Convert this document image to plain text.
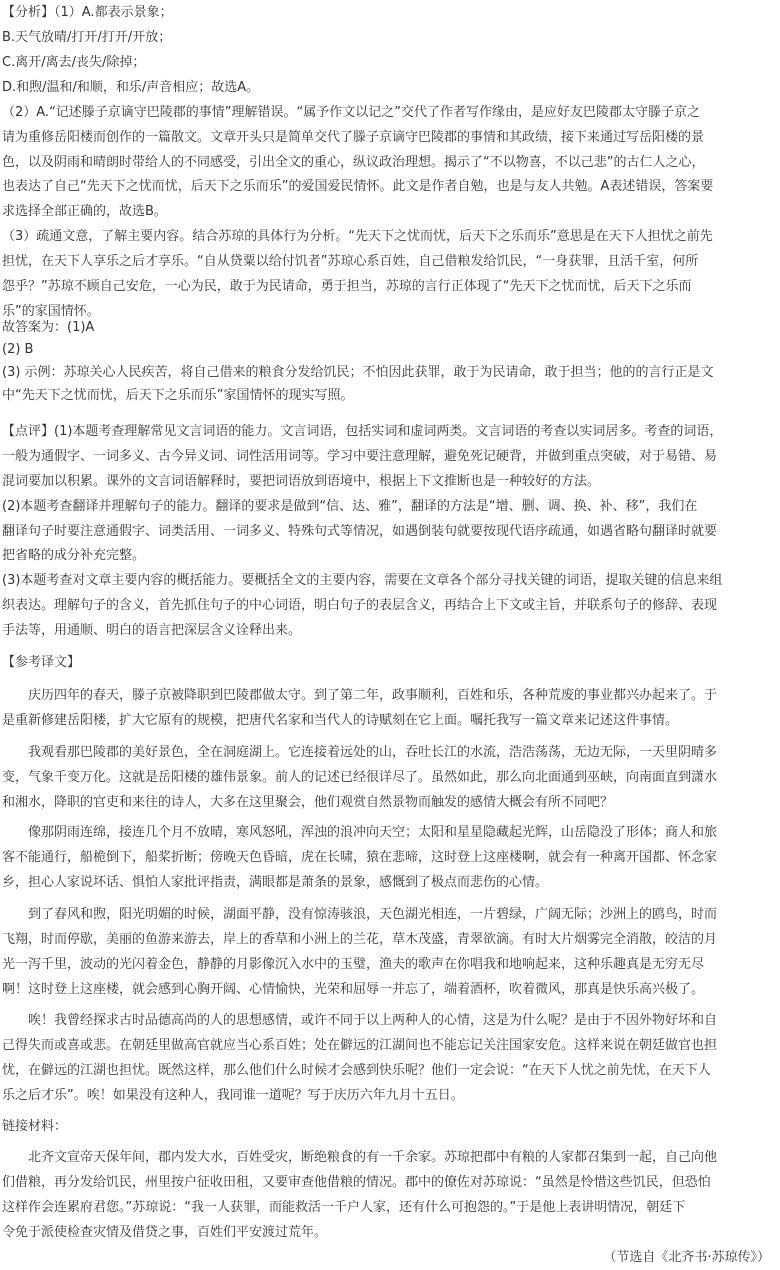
【分析】（1）A.都表示景象；
B.天气放晴/打开/打开/开放；
C.离开/离去/丧失/除掉；
D.和煦/温和/和顺，和乐/声音相应；故选A。
（2）A.“记述滕子京谪守巴陵郡的事情”理解错误。“属予作文以记之”交代了作者写作缘由，是应好友巴陵郡太守滕子京之
请为重修岳阳楼而创作的一篇散文。文章开头只是简单交代了滕子京谪守巴陵郡的事情和其政绩，接下来通过写岳阳楼的景
色，以及阴雨和晴朗时带给人的不同感受，引出全文的重心，纵议政治理想。揭示了“不以物喜，不以己悲”的古仁人之心，
也表达了自己“先天下之忧而忧，后天下之乐而乐”的爱国爱民情怀。此文是作者自勉，也是与友人共勉。A表述错误，答案要
求选择全部正确的，故选B。
（3）疏通文意，了解主要内容。结合苏琼的具体行为分析。“先天下之忧而忧，后天下之乐而乐”意思是在天下人担忧之前先
担忧，在天下人享乐之后才享乐。“自从贷粟以给付饥者”苏琼心系百姓，自己借粮发给饥民，“一身获罪，且活千室，何所
怨乎？”苏琼不顾自己安危，一心为民，敢于为民请命，勇于担当，苏琼的言行正体现了“先天下之忧而忧，后天下之乐而
乐”的家国情怀。
故答案为：(1)A
(2) B
(3) 示例：苏琼关心人民疾苦，将自己借来的粮食分发给饥民；不怕因此获罪，敢于为民请命，敢于担当；他的的言行正是文
中“先天下之忧而忧，后天下之乐而乐”家国情怀的现实写照。
【点评】(1)本题考查理解常见文言词语的能力。文言词语，包括实词和虚词两类。文言词语的考查以实词居多。考查的词语，
一般为通假字、一词多义、古今异义词、词性活用词等。学习中要注意理解，避免死记硬背，并做到重点突破，对于易错、易
混词要加以积累。课外的文言词语解释时，要把词语放到语境中，根据上下文推断也是一种较好的方法。
(2)本题考查翻译并理解句子的能力。翻译的要求是做到“信、达、雅”，翻译的方法是“增、删、调、换、补、移”，我们在
翻译句子时要注意通假字、词类活用、一词多义、特殊句式等情况，如遇倒装句就要按现代语序疏通，如遇省略句翻译时就要
把省略的成分补充完整。
(3)本题考查对文章主要内容的概括能力。要概括全文的主要内容，需要在文章各个部分寻找关键的词语，提取关键的信息来组
织表达。理解句子的含义，首先抓住句子的中心词语，明白句子的表层含义，再结合上下文或主旨，并联系句子的修辞、表现
手法等，用通顺、明白的语言把深层含义诠释出来。
【参考译文】
庆历四年的春天，滕子京被降职到巴陵郡做太守。到了第二年，政事顺利，百姓和乐，各种荒废的事业都兴办起来了。于
是重新修建岳阳楼，扩大它原有的规模，把唐代名家和当代人的诗赋刻在它上面。嘱托我写一篇文章来记述这件事情。
我观看那巴陵郡的美好景色，全在洞庭湖上。它连接着远处的山，吞吐长江的水流，浩浩荡荡，无边无际，一天里阴晴多
变，气象千变万化。这就是岳阳楼的雄伟景象。前人的记述已经很详尽了。虽然如此，那么向北面通到巫峡，向南面直到潇水
和湘水，降职的官吏和来往的诗人，大多在这里聚会，他们观赏自然景物而触发的感情大概会有所不同吧？
像那阴雨连绵，接连几个月不放晴，寒风怒吼，浑浊的浪冲向天空；太阳和星星隐藏起光辉，山岳隐没了形体；商人和旅
客不能通行，船桅倒下，船桨折断；傍晚天色昏暗，虎在长啸，猿在悲啼，这时登上这座楼啊，就会有一种离开国都、怀念家
乡，担心人家说坏话、惧怕人家批评指责，满眼都是萧条的景象，感慨到了极点而悲伤的心情。
到了春风和煦，阳光明媚的时候，湖面平静，没有惊涛骇浪，天色湖光相连，一片碧绿，广阔无际；沙洲上的鸥鸟，时而
飞翔，时而停歇，美丽的鱼游来游去，岸上的香草和小洲上的兰花，草木茂盛，青翠欲滴。有时大片烟雾完全消散，皎洁的月
光一泻千里，波动的光闪着金色，静静的月影像沉入水中的玉璧，渔夫的歌声在你唱我和地响起来，这种乐趣真是无穷无尽
啊！这时登上这座楼，就会感到心胸开阔、心情愉快，光荣和屈辱一并忘了，端着酒杯，吹着微风，那真是快乐高兴极了。
唉！我曾经探求古时品德高尚的人的思想感情，或许不同于以上两种人的心情，这是为什么呢？是由于不因外物好坏和自
己得失而或喜或悲。在朝廷里做高官就应当心系百姓；处在僻远的江湖间也不能忘记关注国家安危。这样来说在朝廷做官也担
忧，在僻远的江湖也担忧。既然这样，那么他们什么时候才会感到快乐呢？他们一定会说：“在天下人忧之前先忧，在天下人
乐之后才乐”。唉！如果没有这种人，我同谁一道呢？写于庆历六年九月十五日。
链接材料：
北齐文宣帝天保年间，郡内发大水，百姓受灾，断绝粮食的有一千余家。苏琼把郡中有粮的人家都召集到一起，自己向他
们借粮，再分发给饥民，州里按户征收田租，又要审查他借粮的情况。郡中的僚佐对苏琼说：“虽然是怜惜这些饥民，但恐怕
这样作会连累府君您。”苏琼说：“我一人获罪，而能救活一千户人家，还有什么可抱怨的。”于是他上表讲明情况，朝廷下
令免于派使检查灾情及借贷之事，百姓们平安渡过荒年。
（节选自《北齐书·苏琼传》）
